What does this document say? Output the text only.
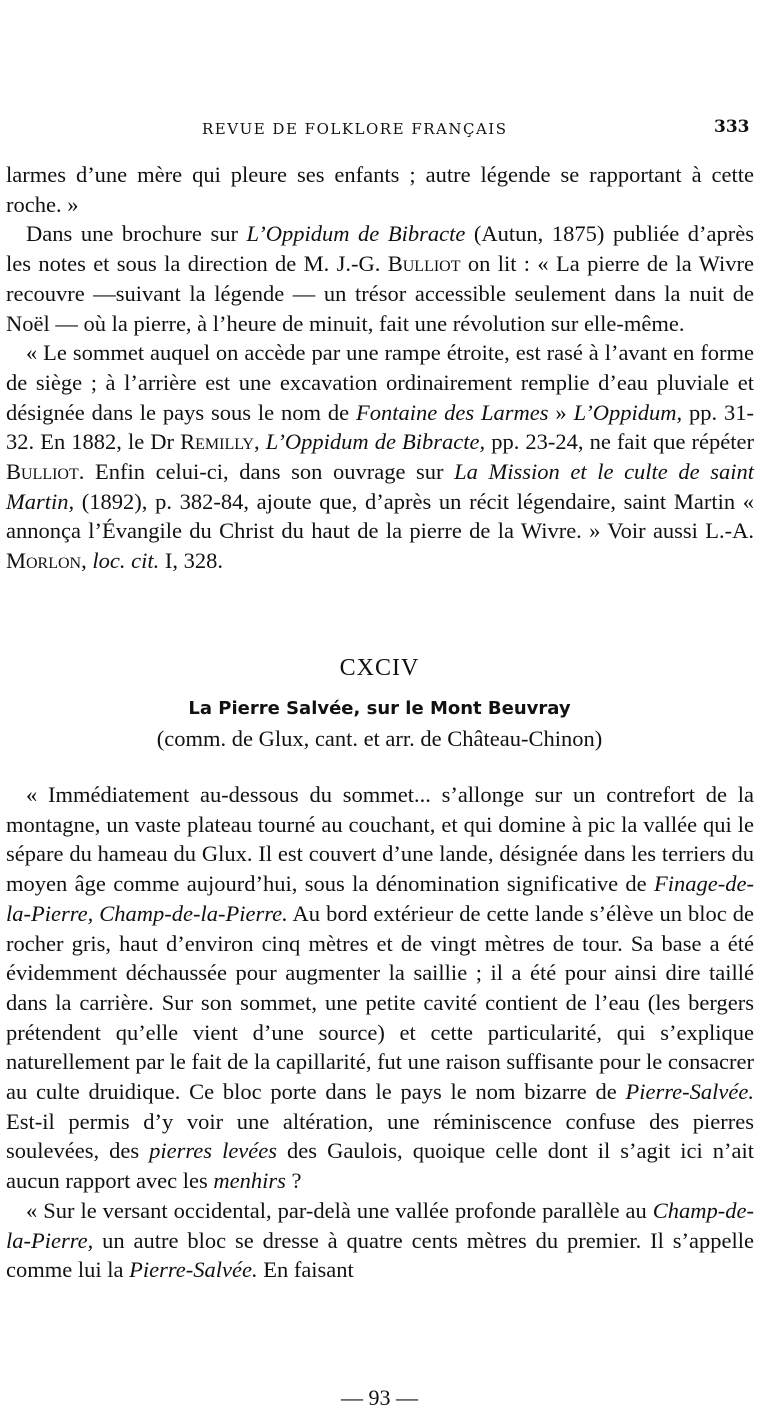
REVUE DE FOLKLORE FRANÇAIS	333

larmes d’une mère qui pleure ses enfants ; autre légende se rapportant à cette roche. »

Dans une brochure sur L’Oppidum de Bibracte (Autun, 1875) publiée d’après les notes et sous la direction de M. J.-G. Bulliot on lit : « La pierre de la Wivre recouvre —suivant la légende — un trésor accessible seulement dans la nuit de Noël — où la pierre, à l’heure de minuit, fait une révolution sur elle-même.

« Le sommet auquel on accède par une rampe étroite, est rasé à l’avant en forme de siège ; à l’arrière est une excavation ordinairement remplie d’eau pluviale et désignée dans le pays sous le nom de Fontaine des Larmes » L’Oppidum, pp. 31-32. En 1882, le Dr Remilly, L’Oppidum de Bibracte, pp. 23-24, ne fait que répéter Bulliot. Enfin celui-ci, dans son ouvrage sur La Mission et le culte de saint Martin, (1892), p. 382-84, ajoute que, d’après un récit légendaire, saint Martin « annonça l’Évangile du Christ du haut de la pierre de la Wivre. » Voir aussi L.-A. Morlon, loc. cit. I, 328.

CXCIV
La Pierre Salvée, sur le Mont Beuvray
(comm. de Glux, cant. et arr. de Château-Chinon)

« Immédiatement au-dessous du sommet... s’allonge sur un contrefort de la montagne, un vaste plateau tourné au couchant, et qui domine à pic la vallée qui le sépare du hameau du Glux. Il est couvert d’une lande, désignée dans les terriers du moyen âge comme aujourd’hui, sous la dénomination significative de Finage-de-la-Pierre, Champ-de-la-Pierre. Au bord extérieur de cette lande s’élève un bloc de rocher gris, haut d’environ cinq mètres et de vingt mètres de tour. Sa base a été évidemment déchaussée pour augmenter la saillie ; il a été pour ainsi dire taillé dans la carrière. Sur son sommet, une petite cavité contient de l’eau (les bergers prétendent qu’elle vient d’une source) et cette particularité, qui s’explique naturellement par le fait de la capillarité, fut une raison suffisante pour le consacrer au culte druidique. Ce bloc porte dans le pays le nom bizarre de Pierre-Salvée. Est-il permis d’y voir une altération, une réminiscence confuse des pierres soulevées, des pierres levées des Gaulois, quoique celle dont il s’agit ici n’ait aucun rapport avec les menhirs ?

« Sur le versant occidental, par-delà une vallée profonde parallèle au Champ-de-la-Pierre, un autre bloc se dresse à quatre cents mètres du premier. Il s’appelle comme lui la Pierre-Salvée. En faisant

— 93 —
